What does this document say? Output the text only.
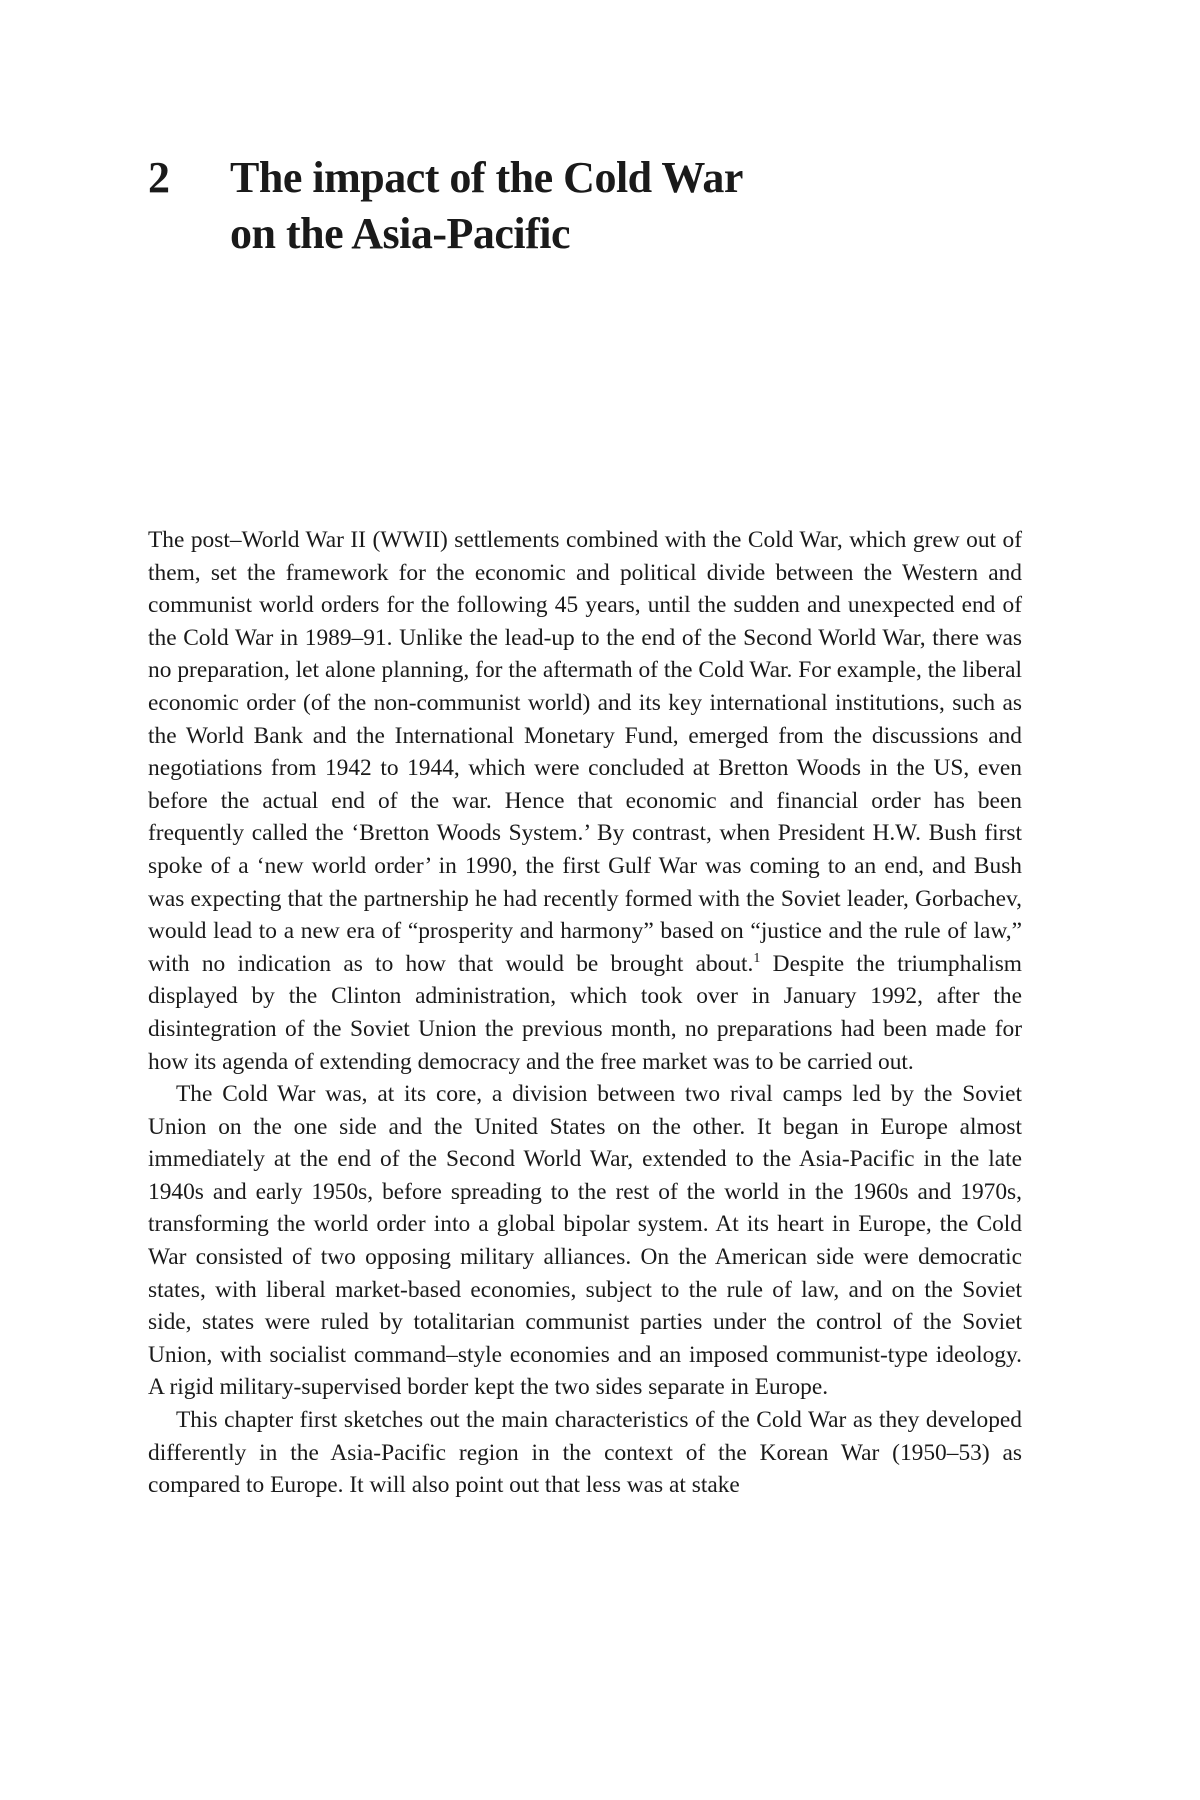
2	The impact of the Cold War
on the Asia-Pacific

The post–World War II (WWII) settlements combined with the Cold War, which grew out of them, set the framework for the economic and political divide between the Western and communist world orders for the following 45 years, until the sudden and unexpected end of the Cold War in 1989–91. Unlike the lead-up to the end of the Second World War, there was no preparation, let alone planning, for the aftermath of the Cold War. For example, the liberal economic order (of the non-communist world) and its key international institutions, such as the World Bank and the International Monetary Fund, emerged from the discussions and negotiations from 1942 to 1944, which were concluded at Bretton Woods in the US, even before the actual end of the war. Hence that economic and financial order has been frequently called the ‘Bretton Woods System.’ By contrast, when President H.W. Bush first spoke of a ‘new world order’ in 1990, the first Gulf War was coming to an end, and Bush was expecting that the partnership he had recently formed with the Soviet leader, Gorbachev, would lead to a new era of “prosperity and harmony” based on “justice and the rule of law,” with no indication as to how that would be brought about.$^1$ Despite the triumphalism displayed by the Clinton administration, which took over in January 1992, after the disintegration of the Soviet Union the previous month, no preparations had been made for how its agenda of extending democracy and the free market was to be carried out.

The Cold War was, at its core, a division between two rival camps led by the Soviet Union on the one side and the United States on the other. It began in Europe almost immediately at the end of the Second World War, extended to the Asia-Pacific in the late 1940s and early 1950s, before spreading to the rest of the world in the 1960s and 1970s, transforming the world order into a global bipolar system. At its heart in Europe, the Cold War consisted of two opposing military alliances. On the American side were democratic states, with liberal market-based economies, subject to the rule of law, and on the Soviet side, states were ruled by totalitarian communist parties under the control of the Soviet Union, with socialist command–style economies and an imposed communist-type ideology. A rigid military-supervised border kept the two sides separate in Europe.

This chapter first sketches out the main characteristics of the Cold War as they developed differently in the Asia-Pacific region in the context of the Korean War (1950–53) as compared to Europe. It will also point out that less was at stake
